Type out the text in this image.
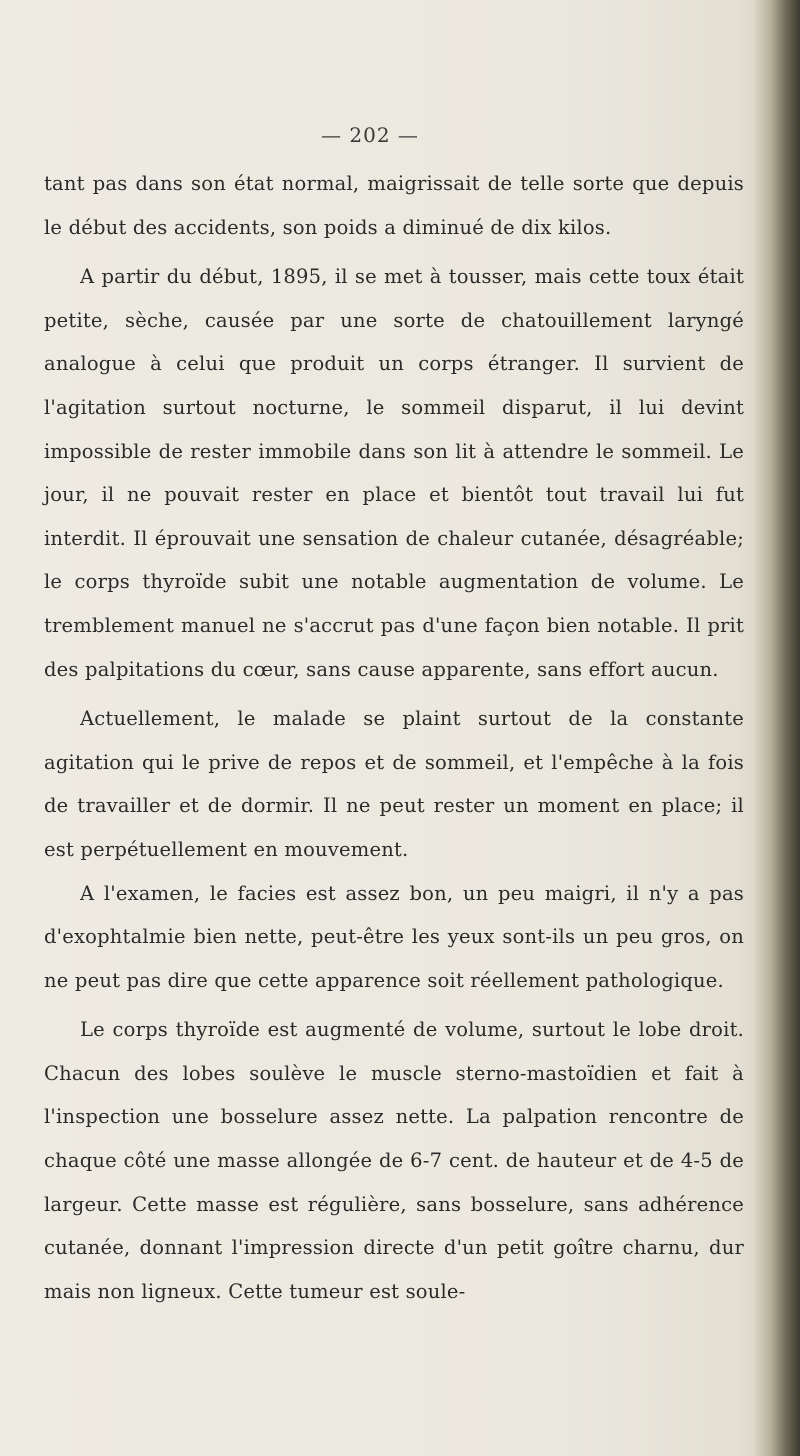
— 202 —

tant pas dans son état normal, maigrissait de telle sorte que depuis le début des accidents, son poids a diminué de dix kilos.

A partir du début, 1895, il se met à tousser, mais cette toux était petite, sèche, causée par une sorte de chatouillement laryngé analogue à celui que produit un corps étranger. Il survient de l'agitation surtout nocturne, le sommeil disparut, il lui devint impossible de rester immobile dans son lit à attendre le sommeil. Le jour, il ne pouvait rester en place et bientôt tout travail lui fut interdit. Il éprouvait une sensation de chaleur cutanée, désagréable; le corps thyroïde subit une notable augmentation de volume. Le tremblement manuel ne s'accrut pas d'une façon bien notable. Il prit des palpitations du cœur, sans cause apparente, sans effort aucun.

Actuellement, le malade se plaint surtout de la constante agitation qui le prive de repos et de sommeil, et l'empêche à la fois de travailler et de dormir. Il ne peut rester un moment en place; il est perpétuellement en mouvement.

A l'examen, le facies est assez bon, un peu maigri, il n'y a pas d'exophtalmie bien nette, peut-être les yeux sont-ils un peu gros, on ne peut pas dire que cette apparence soit réellement pathologique.

Le corps thyroïde est augmenté de volume, surtout le lobe droit. Chacun des lobes soulève le muscle sterno-mastoïdien et fait à l'inspection une bosselure assez nette. La palpation rencontre de chaque côté une masse allongée de 6-7 cent. de hauteur et de 4-5 de largeur. Cette masse est régulière, sans bosselure, sans adhérence cutanée, donnant l'impression directe d'un petit goître charnu, dur mais non ligneux. Cette tumeur est soule-
